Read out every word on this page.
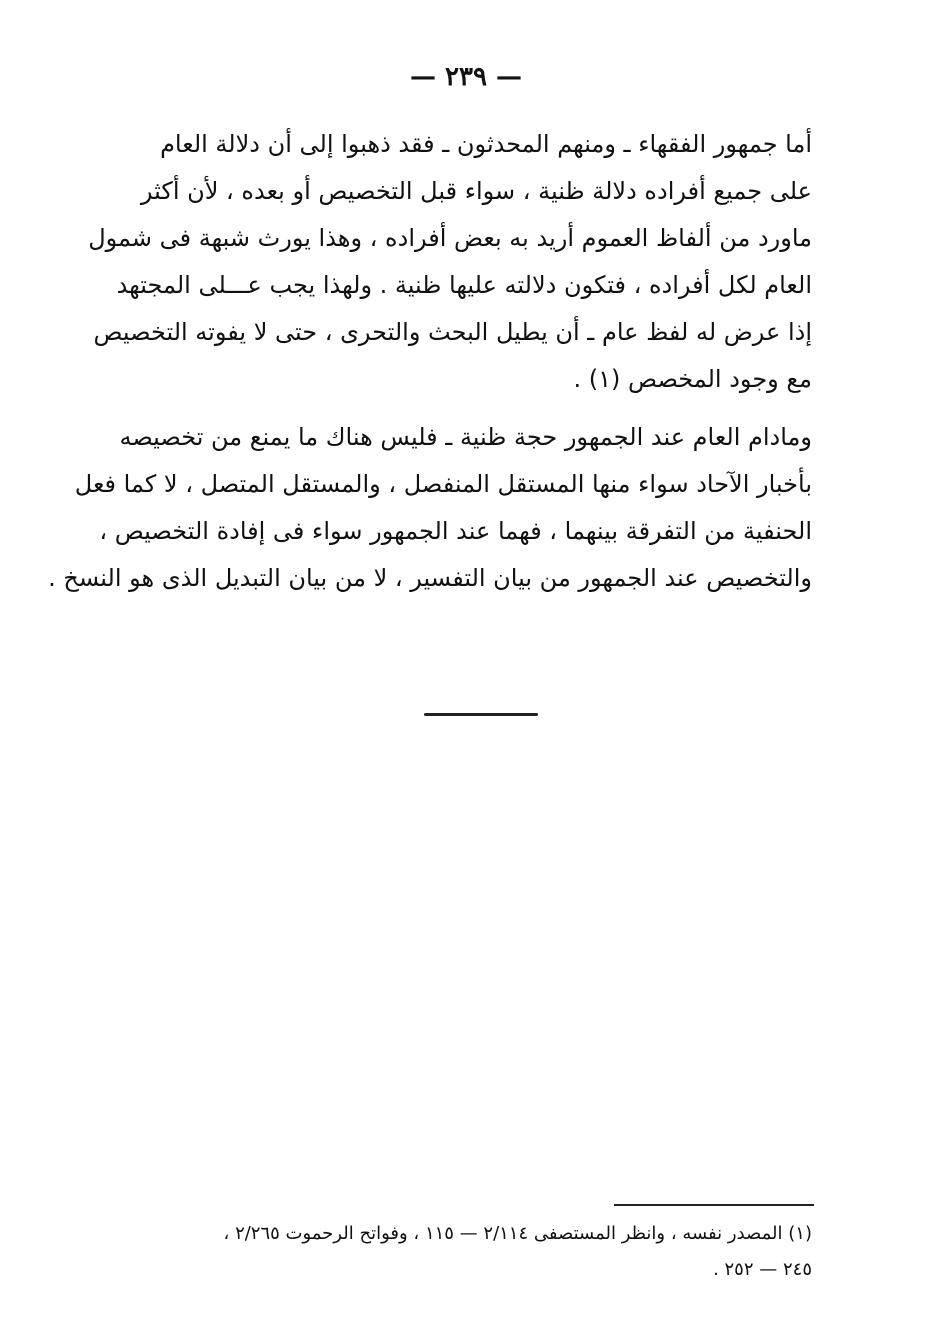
— ٢٣٩ —
أما جمهور الفقهاء ـ ومنهم المحدثون ـ فقد ذهبوا إلى أن دلالة العام
على جميع أفراده دلالة ظنية ، سواء قبل التخصيص أو بعده ، لأن أكثر
ماورد من ألفاظ العموم أريد به بعض أفراده ، وهذا يورث شبهة فى شمول
العام لكل أفراده ، فتكون دلالته عليها ظنية . ولهذا يجب عـــلى المجتهد
إذا عرض له لفظ عام ـ أن يطيل البحث والتحرى ، حتى لا يفوته التخصيص
مع وجود المخصص (١) .
ومادام العام عند الجمهور حجة ظنية ـ فليس هناك ما يمنع من تخصيصه
بأخبار الآحاد سواء منها المستقل المنفصل ، والمستقل المتصل ، لا كما فعل
الحنفية من التفرقة بينهما ، فهما عند الجمهور سواء فى إفادة التخصيص ،
والتخصيص عند الجمهور من بيان التفسير ، لا من بيان التبديل الذى هو النسخ .
(١) المصدر نفسه ، وانظر المستصفى ٢/١١٤ — ١١٥ ، وفواتح الرحموت ٢/٢٦٥ ،
٢٤٥ — ٢٥٢ .
